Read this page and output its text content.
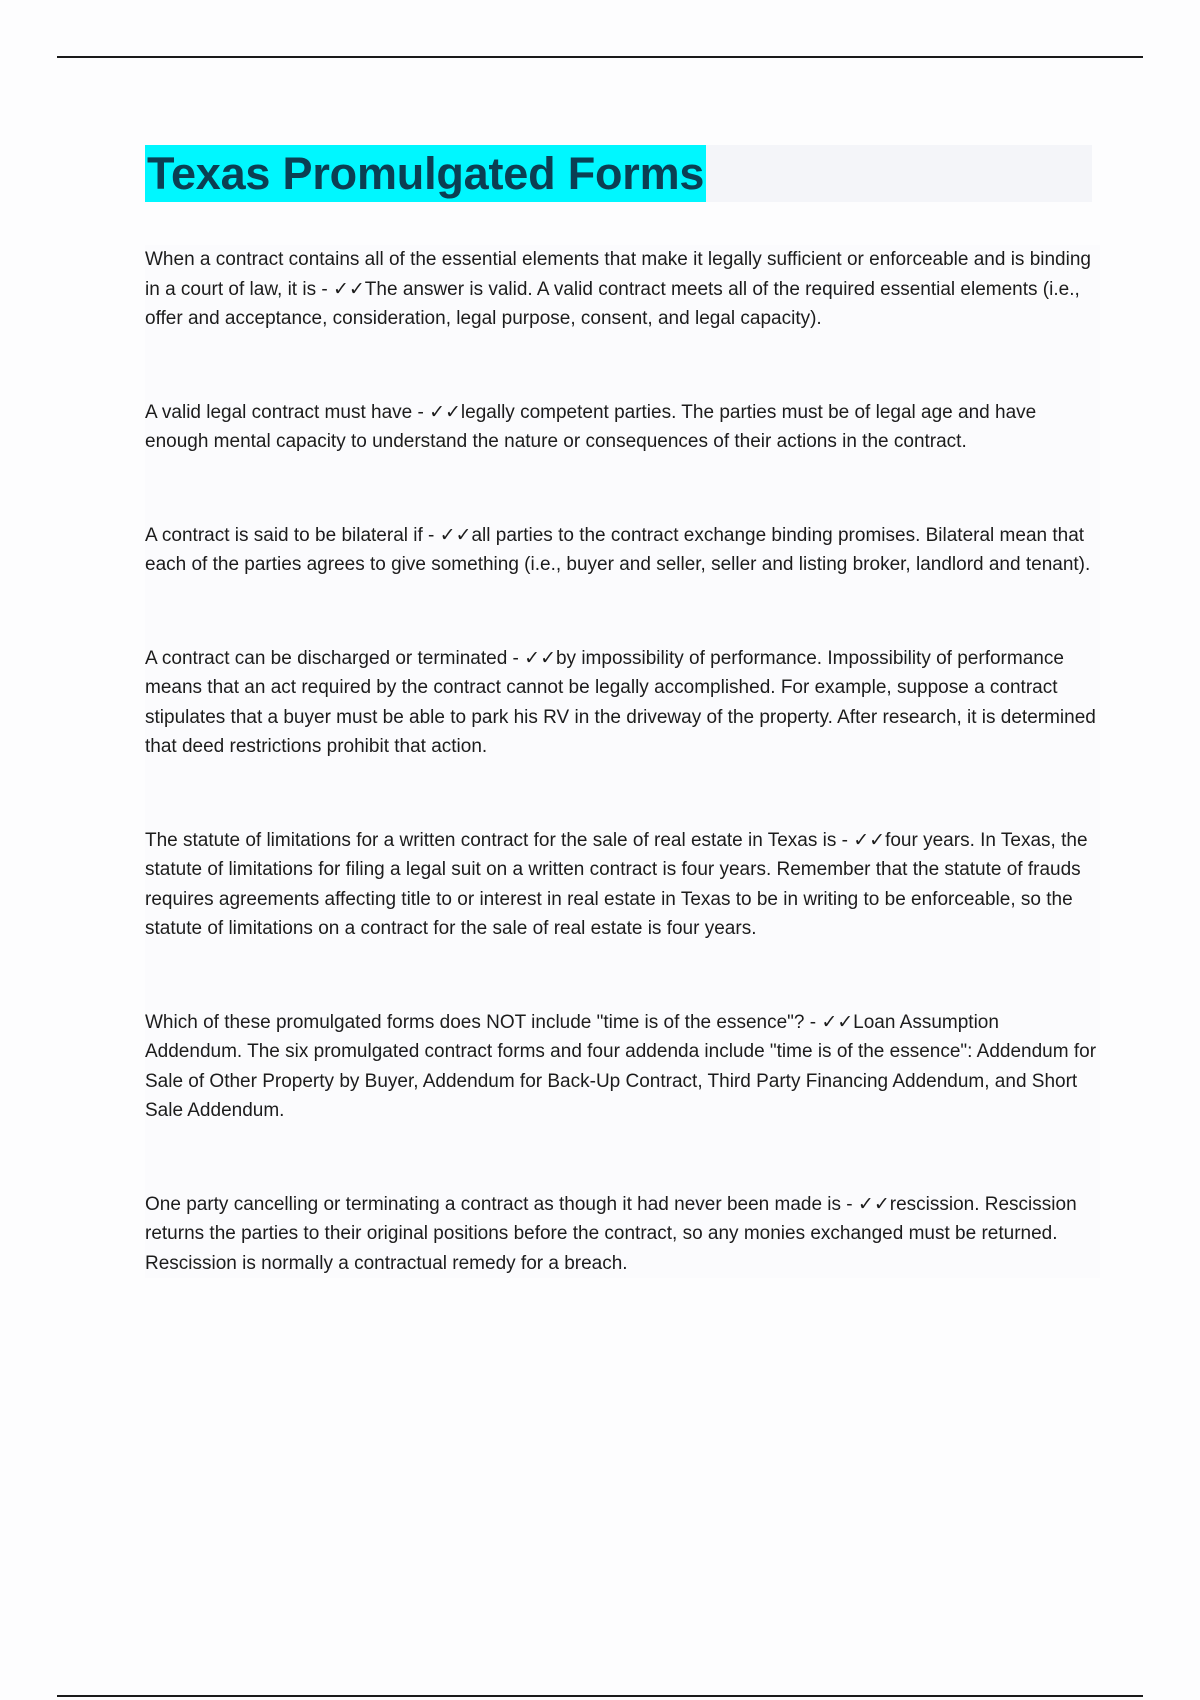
Texas Promulgated Forms

When a contract contains all of the essential elements that make it legally sufficient or enforceable and is binding in a court of law, it is - ✓✓The answer is valid. A valid contract meets all of the required essential elements (i.e., offer and acceptance, consideration, legal purpose, consent, and legal capacity).

A valid legal contract must have - ✓✓legally competent parties. The parties must be of legal age and have enough mental capacity to understand the nature or consequences of their actions in the contract.

A contract is said to be bilateral if - ✓✓all parties to the contract exchange binding promises. Bilateral mean that each of the parties agrees to give something (i.e., buyer and seller, seller and listing broker, landlord and tenant).

A contract can be discharged or terminated - ✓✓by impossibility of performance. Impossibility of performance means that an act required by the contract cannot be legally accomplished. For example, suppose a contract stipulates that a buyer must be able to park his RV in the driveway of the property. After research, it is determined that deed restrictions prohibit that action.

The statute of limitations for a written contract for the sale of real estate in Texas is - ✓✓four years. In Texas, the statute of limitations for filing a legal suit on a written contract is four years. Remember that the statute of frauds requires agreements affecting title to or interest in real estate in Texas to be in writing to be enforceable, so the statute of limitations on a contract for the sale of real estate is four years.

Which of these promulgated forms does NOT include "time is of the essence"? - ✓✓Loan Assumption Addendum. The six promulgated contract forms and four addenda include "time is of the essence": Addendum for Sale of Other Property by Buyer, Addendum for Back-Up Contract, Third Party Financing Addendum, and Short Sale Addendum.

One party cancelling or terminating a contract as though it had never been made is - ✓✓rescission. Rescission returns the parties to their original positions before the contract, so any monies exchanged must be returned. Rescission is normally a contractual remedy for a breach.
